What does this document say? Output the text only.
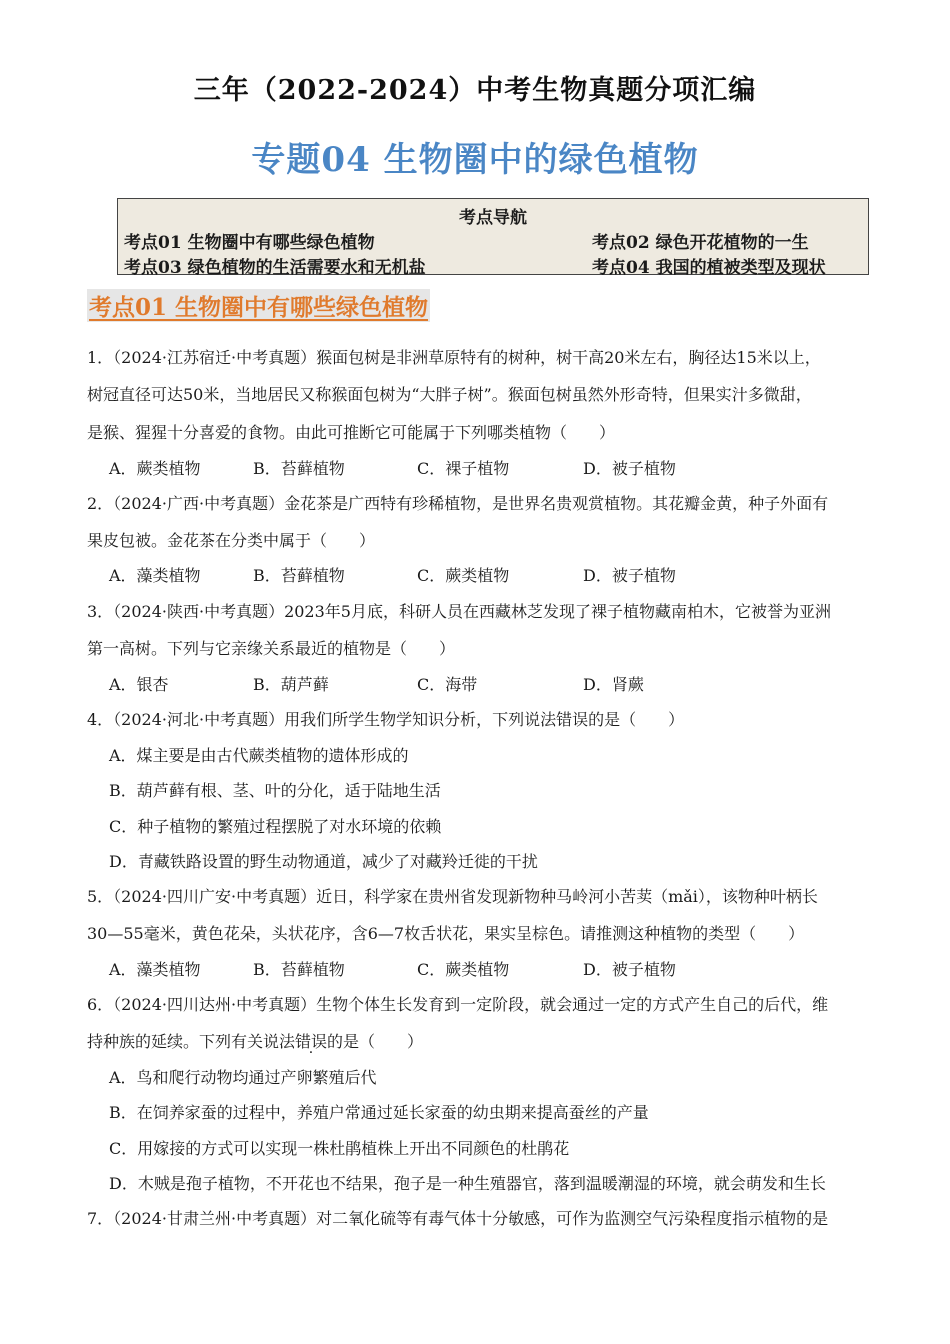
三年（2022-2024）中考生物真题分项汇编
专题04 生物圈中的绿色植物
考点导航
考点01 生物圈中有哪些绿色植物	考点02 绿色开花植物的一生
考点03 绿色植物的生活需要水和无机盐	考点04 我国的植被类型及现状
考点01 生物圈中有哪些绿色植物
1．（2024·江苏宿迁·中考真题）猴面包树是非洲草原特有的树种，树干高20米左右，胸径达15米以上，
树冠直径可达50米，当地居民又称猴面包树为“大胖子树”。猴面包树虽然外形奇特，但果实汁多微甜，
是猴、猩猩十分喜爱的食物。由此可推断它可能属于下列哪类植物（　　）
A．蕨类植物	B．苔藓植物	C．裸子植物	D．被子植物
2．（2024·广西·中考真题）金花茶是广西特有珍稀植物，是世界名贵观赏植物。其花瓣金黄，种子外面有
果皮包被。金花茶在分类中属于（　　）
A．藻类植物	B．苔藓植物	C．蕨类植物	D．被子植物
3．（2024·陕西·中考真题）2023年5月底，科研人员在西藏林芝发现了裸子植物藏南柏木，它被誉为亚洲
第一高树。下列与它亲缘关系最近的植物是（　　）
A．银杏	B．葫芦藓	C．海带	D．肾蕨
4．（2024·河北·中考真题）用我们所学生物学知识分析，下列说法错误的是（　　）
A．煤主要是由古代蕨类植物的遗体形成的
B．葫芦藓有根、茎、叶的分化，适于陆地生活
C．种子植物的繁殖过程摆脱了对水环境的依赖
D．青藏铁路设置的野生动物通道，减少了对藏羚迁徙的干扰
5．（2024·四川广安·中考真题）近日，科学家在贵州省发现新物种马岭河小苦荬（mǎi），该物种叶柄长
30—55毫米，黄色花朵，头状花序，含6—7枚舌状花，果实呈棕色。请推测这种植物的类型（　　）
A．藻类植物	B．苔藓植物	C．蕨类植物	D．被子植物
6．（2024·四川达州·中考真题）生物个体生长发育到一定阶段，就会通过一定的方式产生自己的后代，维
持种族的延续。下列有关说法错误的是（　　）
A．鸟和爬行动物均通过产卵繁殖后代
B．在饲养家蚕的过程中，养殖户常通过延长家蚕的幼虫期来提高蚕丝的产量
C．用嫁接的方式可以实现一株杜鹃植株上开出不同颜色的杜鹃花
D．木贼是孢子植物，不开花也不结果，孢子是一种生殖器官，落到温暖潮湿的环境，就会萌发和生长
7．（2024·甘肃兰州·中考真题）对二氧化硫等有毒气体十分敏感，可作为监测空气污染程度指示植物的是
